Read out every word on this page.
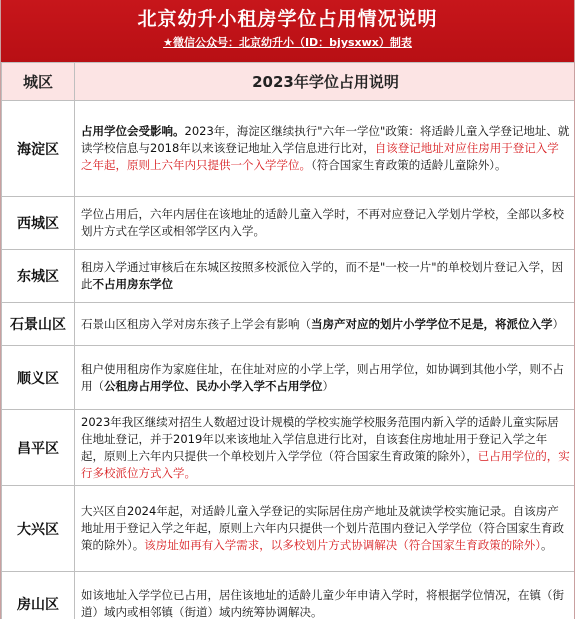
北京幼升小租房学位占用情况说明
★微信公众号：北京幼升小（ID：bjysxwx）制表
城区	2023年学位占用说明
海淀区	占用学位会受影响。2023年，海淀区继续执行"六年一学位"政策：将适龄儿童入学登记地址、就读学校信息与2018年以来该登记地址入学信息进行比对，自该登记地址对应住房用于登记入学之年起，原则上六年内只提供一个入学学位。（符合国家生育政策的适龄儿童除外）。
西城区	学位占用后，六年内居住在该地址的适龄儿童入学时，不再对应登记入学划片学校，全部以多校划片方式在学区或相邻学区内入学。
东城区	租房入学通过审核后在东城区按照多校派位入学的，而不是"一校一片"的单校划片登记入学，因此不占用房东学位
石景山区	石景山区租房入学对房东孩子上学会有影响（当房产对应的划片小学学位不足是，将派位入学）
顺义区	租户使用租房作为家庭住址，在住址对应的小学上学，则占用学位，如协调到其他小学，则不占用（公租房占用学位、民办小学入学不占用学位）
昌平区	2023年我区继续对招生人数超过设计规模的学校实施学校服务范围内新入学的适龄儿童实际居住地址登记，并于2019年以来该地址入学信息进行比对，自该套住房地址用于登记入学之年起，原则上六年内只提供一个单校划片入学学位（符合国家生育政策的除外），已占用学位的，实行多校派位方式入学。
大兴区	大兴区自2024年起，对适龄儿童入学登记的实际居住房产地址及就读学校实施记录。自该房产地址用于登记入学之年起，原则上六年内只提供一个划片范围内登记入学学位（符合国家生育政策的除外）。该房址如再有入学需求，以多校划片方式协调解决（符合国家生育政策的除外）。
房山区	如该地址入学学位已占用，居住该地址的适龄儿童少年申请入学时，将根据学位情况，在镇（街道）域内或相邻镇（街道）域内统筹协调解决。
